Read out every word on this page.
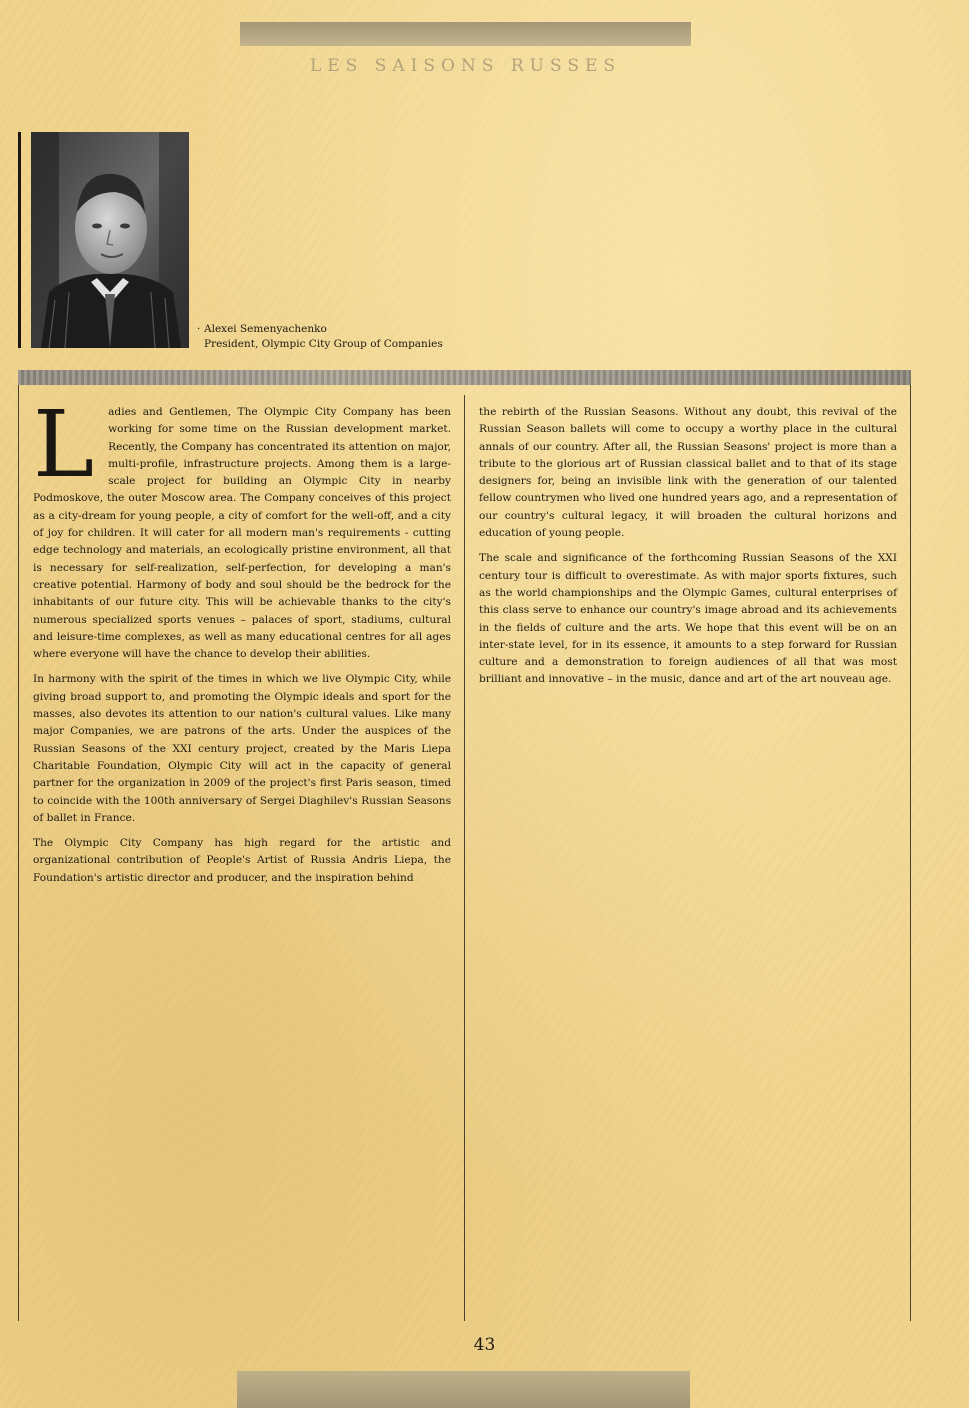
LES SAISONS RUSSES
· Alexei Semenyachenko
President, Olympic City Group of Companies

L adies and Gentlemen, The Olympic City Company has been working for some time on the Russian development market. Recently, the Company has concentrated its attention on major, multi-profile, infrastructure projects. Among them is a large-scale project for building an Olympic City in nearby Podmoskove, the outer Moscow area. The Company conceives of this project as a city-dream for young people, a city of comfort for the well-off, and a city of joy for children. It will cater for all modern man's requirements - cutting edge technology and materials, an ecologically pristine environment, all that is necessary for self-realization, self-perfection, for developing a man's creative potential. Harmony of body and soul should be the bedrock for the inhabitants of our future city. This will be achievable thanks to the city's numerous specialized sports venues – palaces of sport, stadiums, cultural and leisure-time complexes, as well as many educational centres for all ages where everyone will have the chance to develop their abilities.

In harmony with the spirit of the times in which we live Olympic City, while giving broad support to, and promoting the Olympic ideals and sport for the masses, also devotes its attention to our nation's cultural values. Like many major Companies, we are patrons of the arts. Under the auspices of the Russian Seasons of the XXI century project, created by the Maris Liepa Charitable Foundation, Olympic City will act in the capacity of general partner for the organization in 2009 of the project's first Paris season, timed to coincide with the 100th anniversary of Sergei Diaghilev's Russian Seasons of ballet in France.

The Olympic City Company has high regard for the artistic and organizational contribution of People's Artist of Russia Andris Liepa, the Foundation's artistic director and producer, and the inspiration behind

the rebirth of the Russian Seasons. Without any doubt, this revival of the Russian Season ballets will come to occupy a worthy place in the cultural annals of our country. After all, the Russian Seasons' project is more than a tribute to the glorious art of Russian classical ballet and to that of its stage designers for, being an invisible link with the generation of our talented fellow countrymen who lived one hundred years ago, and a representation of our country's cultural legacy, it will broaden the cultural horizons and education of young people.

The scale and significance of the forthcoming Russian Seasons of the XXI century tour is difficult to overestimate. As with major sports fixtures, such as the world championships and the Olympic Games, cultural enterprises of this class serve to enhance our country's image abroad and its achievements in the fields of culture and the arts. We hope that this event will be on an inter-state level, for in its essence, it amounts to a step forward for Russian culture and a demonstration to foreign audiences of all that was most brilliant and innovative – in the music, dance and art of the art nouveau age.

43
